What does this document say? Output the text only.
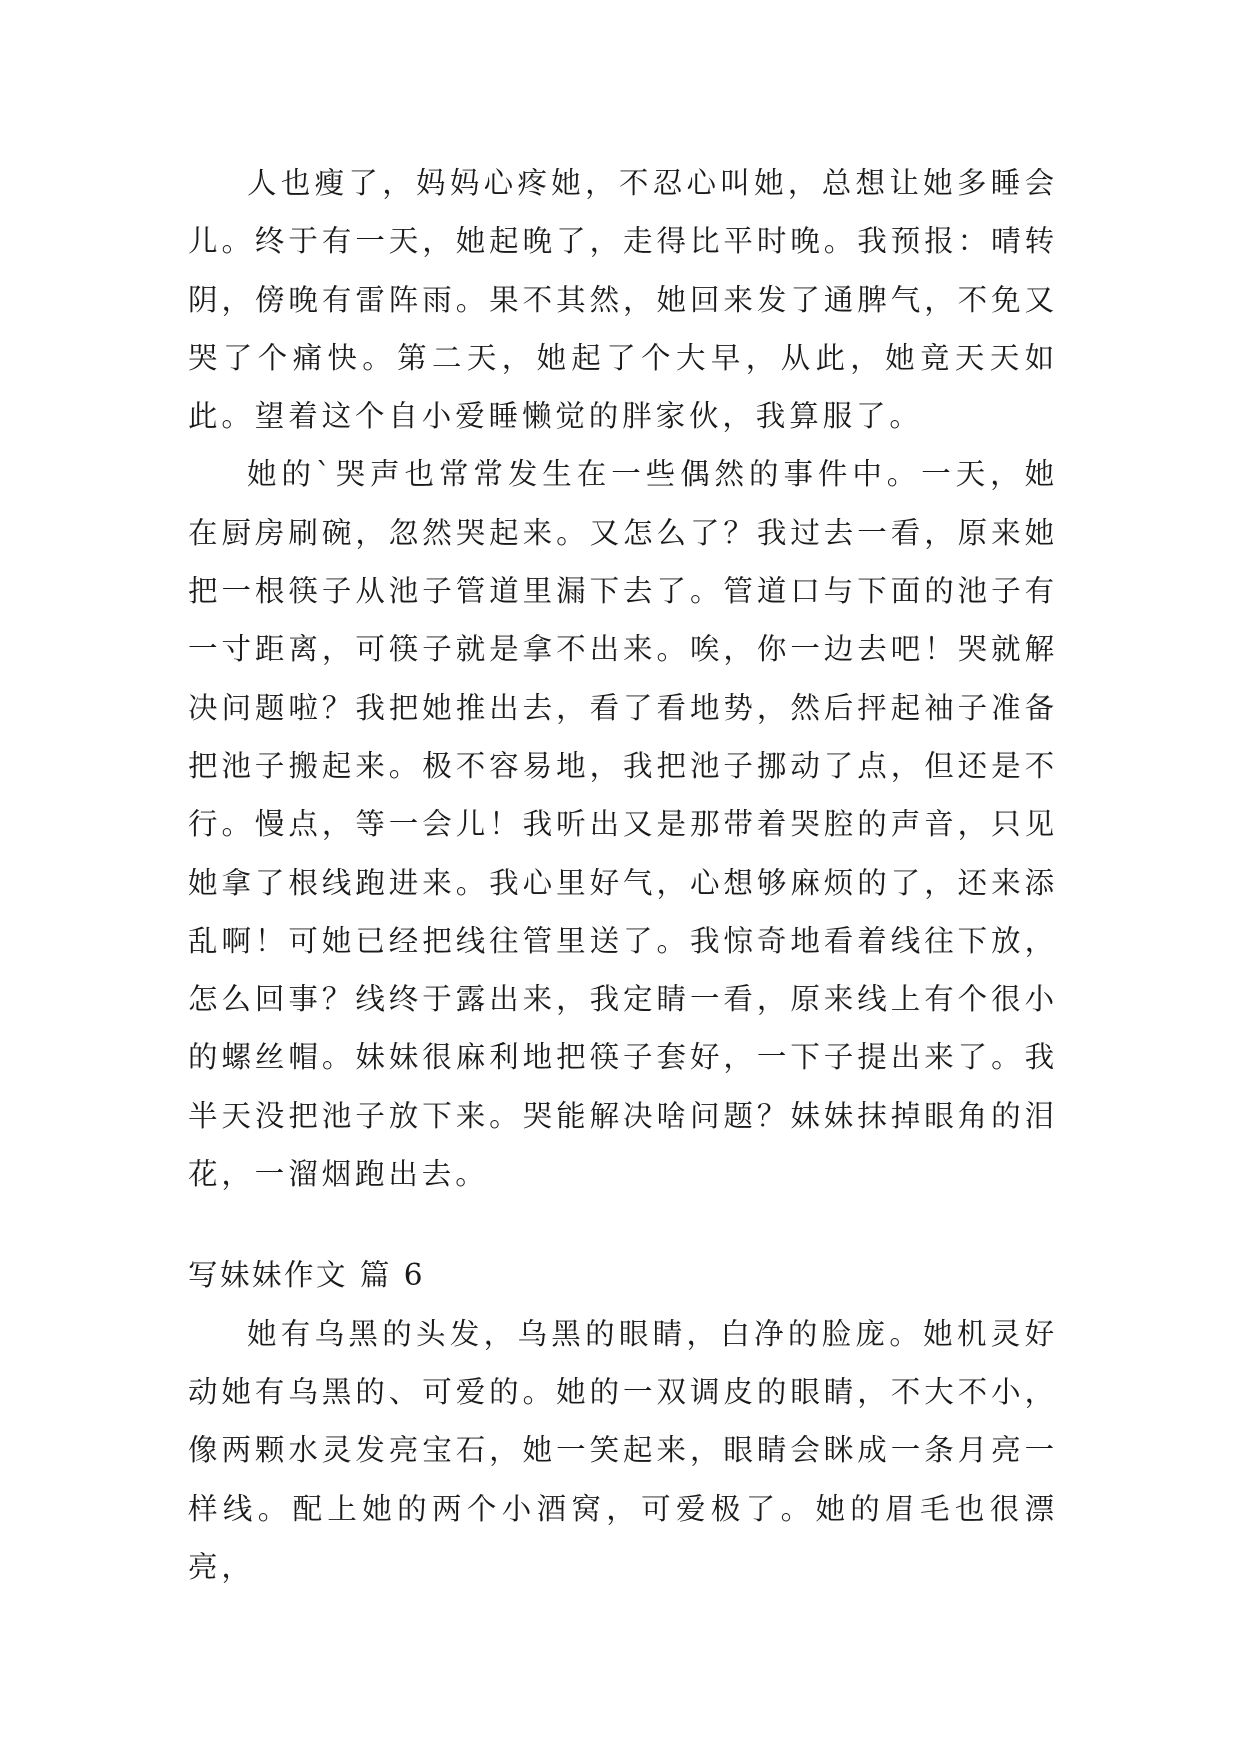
人也瘦了，妈妈心疼她，不忍心叫她，总想让她多睡会儿。终于有一天，她起晚了，走得比平时晚。我预报：晴转阴，傍晚有雷阵雨。果不其然，她回来发了通脾气，不免又哭了个痛快。第二天，她起了个大早，从此，她竟天天如此。望着这个自小爱睡懒觉的胖家伙，我算服了。

她的`哭声也常常发生在一些偶然的事件中。一天，她在厨房刷碗，忽然哭起来。又怎么了？我过去一看，原来她把一根筷子从池子管道里漏下去了。管道口与下面的池子有一寸距离，可筷子就是拿不出来。唉，你一边去吧！哭就解决问题啦？我把她推出去，看了看地势，然后抨起袖子准备把池子搬起来。极不容易地，我把池子挪动了点，但还是不行。慢点，等一会儿！我听出又是那带着哭腔的声音，只见她拿了根线跑进来。我心里好气，心想够麻烦的了，还来添乱啊！可她已经把线往管里送了。我惊奇地看着线往下放，怎么回事？线终于露出来，我定睛一看，原来线上有个很小的螺丝帽。妹妹很麻利地把筷子套好，一下子提出来了。我半天没把池子放下来。哭能解决啥问题？妹妹抹掉眼角的泪花，一溜烟跑出去。

写妹妹作文 篇 6

她有乌黑的头发，乌黑的眼睛，白净的脸庞。她机灵好动她有乌黑的、可爱的。她的一双调皮的眼睛，不大不小，像两颗水灵发亮宝石，她一笑起来，眼睛会眯成一条月亮一样线。配上她的两个小酒窝，可爱极了。她的眉毛也很漂亮，
